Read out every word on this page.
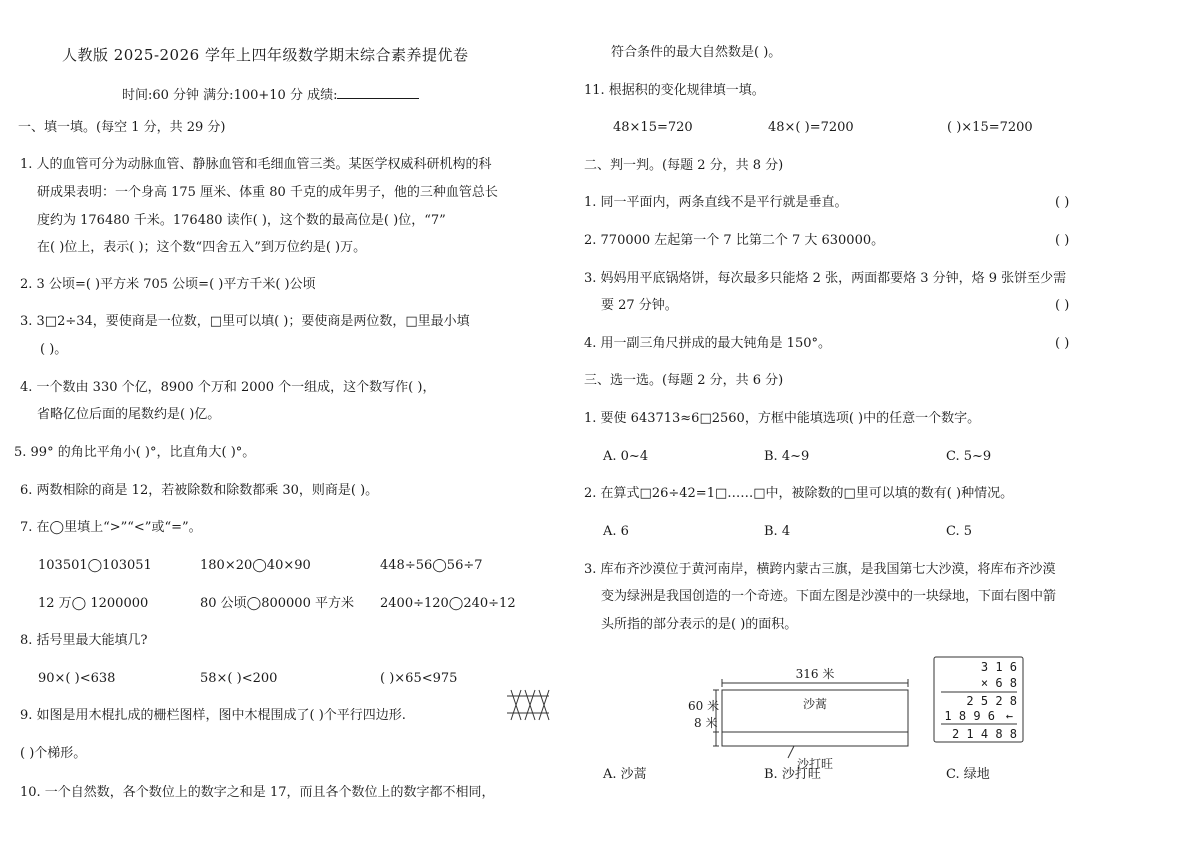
人教版 2025-2026 学年上四年级数学期末综合素养提优卷
时间:60 分钟 满分:100+10 分 成绩:
一、填一填。(每空 1 分，共 29 分)
1. 人的血管可分为动脉血管、静脉血管和毛细血管三类。某医学权威科研机构的科
研成果表明：一个身高 175 厘米、体重 80 千克的成年男子，他的三种血管总长
度约为 176480 千米。176480 读作( )，这个数的最高位是( )位，“7”
在( )位上，表示( )；这个数“四舍五入”到万位约是( )万。
2. 3 公顷=( )平方米 705 公顷=( )平方千米( )公顷
3. 3□2÷34，要使商是一位数，□里可以填( )；要使商是两位数，□里最小填
( )。
4. 一个数由 330 个亿，8900 个万和 2000 个一组成，这个数写作( )，
省略亿位后面的尾数约是( )亿。
5. 99° 的角比平角小( )°，比直角大( )°。
6. 两数相除的商是 12，若被除数和除数都乘 30，则商是( )。
7. 在◯里填上“>”“<”或“=”。
103501◯103051	180×20◯40×90	448÷56◯56÷7
12 万◯ 1200000	80 公顷◯800000 平方米 2400÷120◯240÷12
8. 括号里最大能填几?
90×( )<638	58×( )<200	( )×65<975
9. 如图是用木棍扎成的栅栏图样，图中木棍围成了( )个平行四边形.
( )个梯形。
10. 一个自然数，各个数位上的数字之和是 17，而且各个数位上的数字都不相同，
符合条件的最大自然数是( )。
11. 根据积的变化规律填一填。
48×15=720	48×( )=7200	( )×15=7200
二、判一判。(每题 2 分，共 8 分)
1. 同一平面内，两条直线不是平行就是垂直。	( )
2. 770000 左起第一个 7 比第二个 7 大 630000。	( )
3. 妈妈用平底锅烙饼，每次最多只能烙 2 张，两面都要烙 3 分钟，烙 9 张饼至少需
要 27 分钟。	( )
4. 用一副三角尺拼成的最大钝角是 150°。	( )
三、选一选。(每题 2 分，共 6 分)
1. 要使 643713≈6□2560，方框中能填选项( )中的任意一个数字。
A. 0~4	B. 4~9	C. 5~9
2. 在算式□26÷42=1□……□中，被除数的□里可以填的数有( )种情况。
A. 6	B. 4	C. 5
3. 库布齐沙漠位于黄河南岸，横跨内蒙古三旗，是我国第七大沙漠，将库布齐沙漠
变为绿洲是我国创造的一个奇迹。下面左图是沙漠中的一块绿地，下面右图中箭
头所指的部分表示的是( )的面积。
316 米
60 米
8 米
沙蒿
沙打旺
3 1 6
× 6 8
2 5 2 8
1 8 9 6 ←
2 1 4 8 8
A. 沙蒿	B. 沙打旺	C. 绿地
